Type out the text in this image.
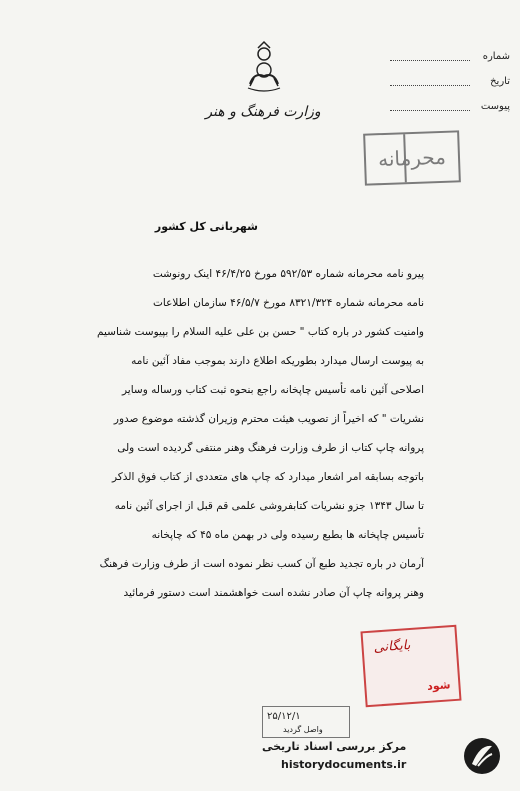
وزارت فرهنگ و هنر
شماره
تاریخ
پیوست
محرمانه
شهربانی کل کشور
پیرو نامه محرمانه شماره ۵۹۲/۵۳ مورخ ۴۶/۴/۲۵ اینک رونوشت
نامه محرمانه شماره ۸۳۲۱/۳۲۴ مورخ ۴۶/۵/۷ سازمان اطلاعات
وامنیت کشور در باره کتاب " حسن بن علی علیه السلام را بپیوست شناسیم
به پیوست ارسال میدارد بطوریکه اطلاع دارند بموجب مفاد آئین نامه
اصلاحی آئین نامه تأسیس چاپخانه راجع بنحوه ثبت کتاب ورساله وسایر
نشریات " که اخیراً از تصویب هیئت محترم وزیران گذشته موضوع صدور
پروانه چاپ کتاب از طرف وزارت فرهنگ وهنر منتفی گردیده است ولی
باتوجه بسابقه امر اشعار میدارد که چاپ های متعددی از کتاب فوق الذکر
تا سال ۱۳۴۳ جزو نشریات کتابفروشی علمی قم قبل از اجرای آئین نامه
تأسیس چاپخانه ها بطبع رسیده ولی در بهمن ماه ۴۵ که چاپخانه
آرمان در باره تجدید طبع آن کسب نظر نموده است از طرف وزارت فرهنگ
وهنر پروانه چاپ آن صادر نشده است خواهشمند است دستور فرمائید
بایگانی
شود
۲۵/۱۲/۱
واصل گردید
مرکز بررسی اسناد تاریخی
historydocuments.ir
